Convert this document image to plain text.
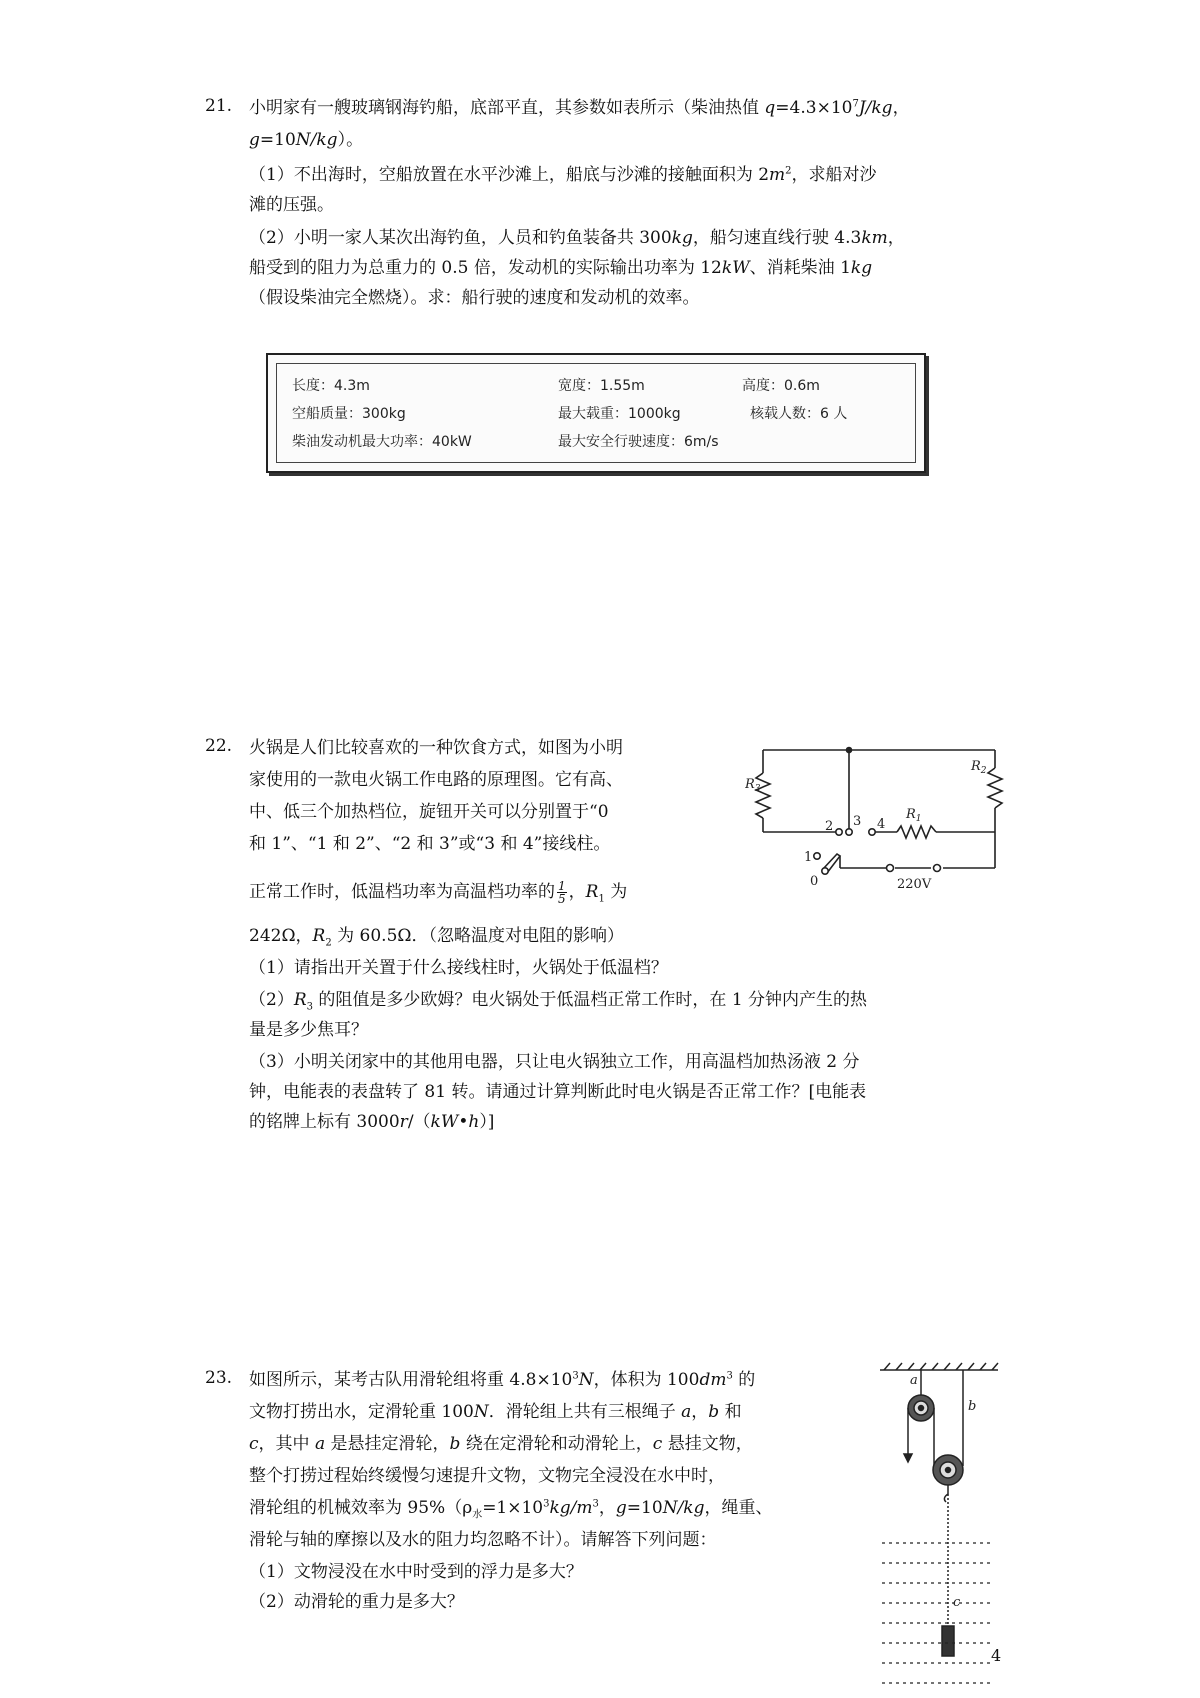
21. 小明家有一艘玻璃钢海钓船，底部平直，其参数如表所示（柴油热值 $q=4.3\times 10^7J/kg$，
g=10N/kg）。
（1）不出海时，空船放置在水平沙滩上，船底与沙滩的接触面积为 $2m^2$，求船对沙
滩的压强。
（2）小明一家人某次出海钓鱼，人员和钓鱼装备共 300kg，船匀速直线行驶 4.3km，
船受到的阻力为总重力的 0.5 倍，发动机的实际输出功率为 12kW、消耗柴油 1kg
（假设柴油完全燃烧）。求：船行驶的速度和发动机的效率。
长度：4.3m	宽度：1.55m	高度：0.6m
空船质量：300kg	最大载重：1000kg	核载人数：6 人
柴油发动机最大功率：40kW	最大安全行驶速度：6m/s
22. 火锅是人们比较喜欢的一种饮食方式，如图为小明
家使用的一款电火锅工作电路的原理图。它有高、
中、低三个加热档位，旋钮开关可以分别置于“0
和 1”、“1 和 2”、“2 和 3”或“3 和 4”接线柱。
正常工作时，低温档功率为高温档功率的 $\frac{1}{5}$ ，$R_1$ 为
242Ω，$R_2$ 为 60.5Ω．（忽略温度对电阻的影响）
（1）请指出开关置于什么接线柱时，火锅处于低温档？
$(2)R_3$ 的阻值是多少欧姆？电火锅处于低温档正常工作时，在 1 分钟内产生的热
量是多少焦耳？
（3）小明关闭家中的其他用电器，只让电火锅独立工作，用高温档加热汤液 2 分
钟，电能表的表盘转了 81 转。请通过计算判断此时电火锅是否正常工作？[电能表
的铭牌上标有 3000r/（kW•h）]
$R_3$
$R_2$
$R_1$
2 3 4
1
0	220V
23. 如图所示，某考古队用滑轮组将重 $4.8\times 10^3N$，体积为 $100dm^3$ 的
文物打捞出水，定滑轮重 100N．滑轮组上共有三根绳子 a，b 和
c，其中 a 是悬挂定滑轮，b 绕在定滑轮和动滑轮上，c 悬挂文物，
整个打捞过程始终缓慢匀速提升文物，文物完全浸没在水中时，
滑轮组的机械效率为 $95\%(\rho_水=1\times 10^3kg/m^3$，g=10N/kg，绳重、
滑轮与轴的摩擦以及水的阻力均忽略不计）。请解答下列问题：
（1）文物浸没在水中时受到的浮力是多大？
（2）动滑轮的重力是多大？
a
b
c
4
